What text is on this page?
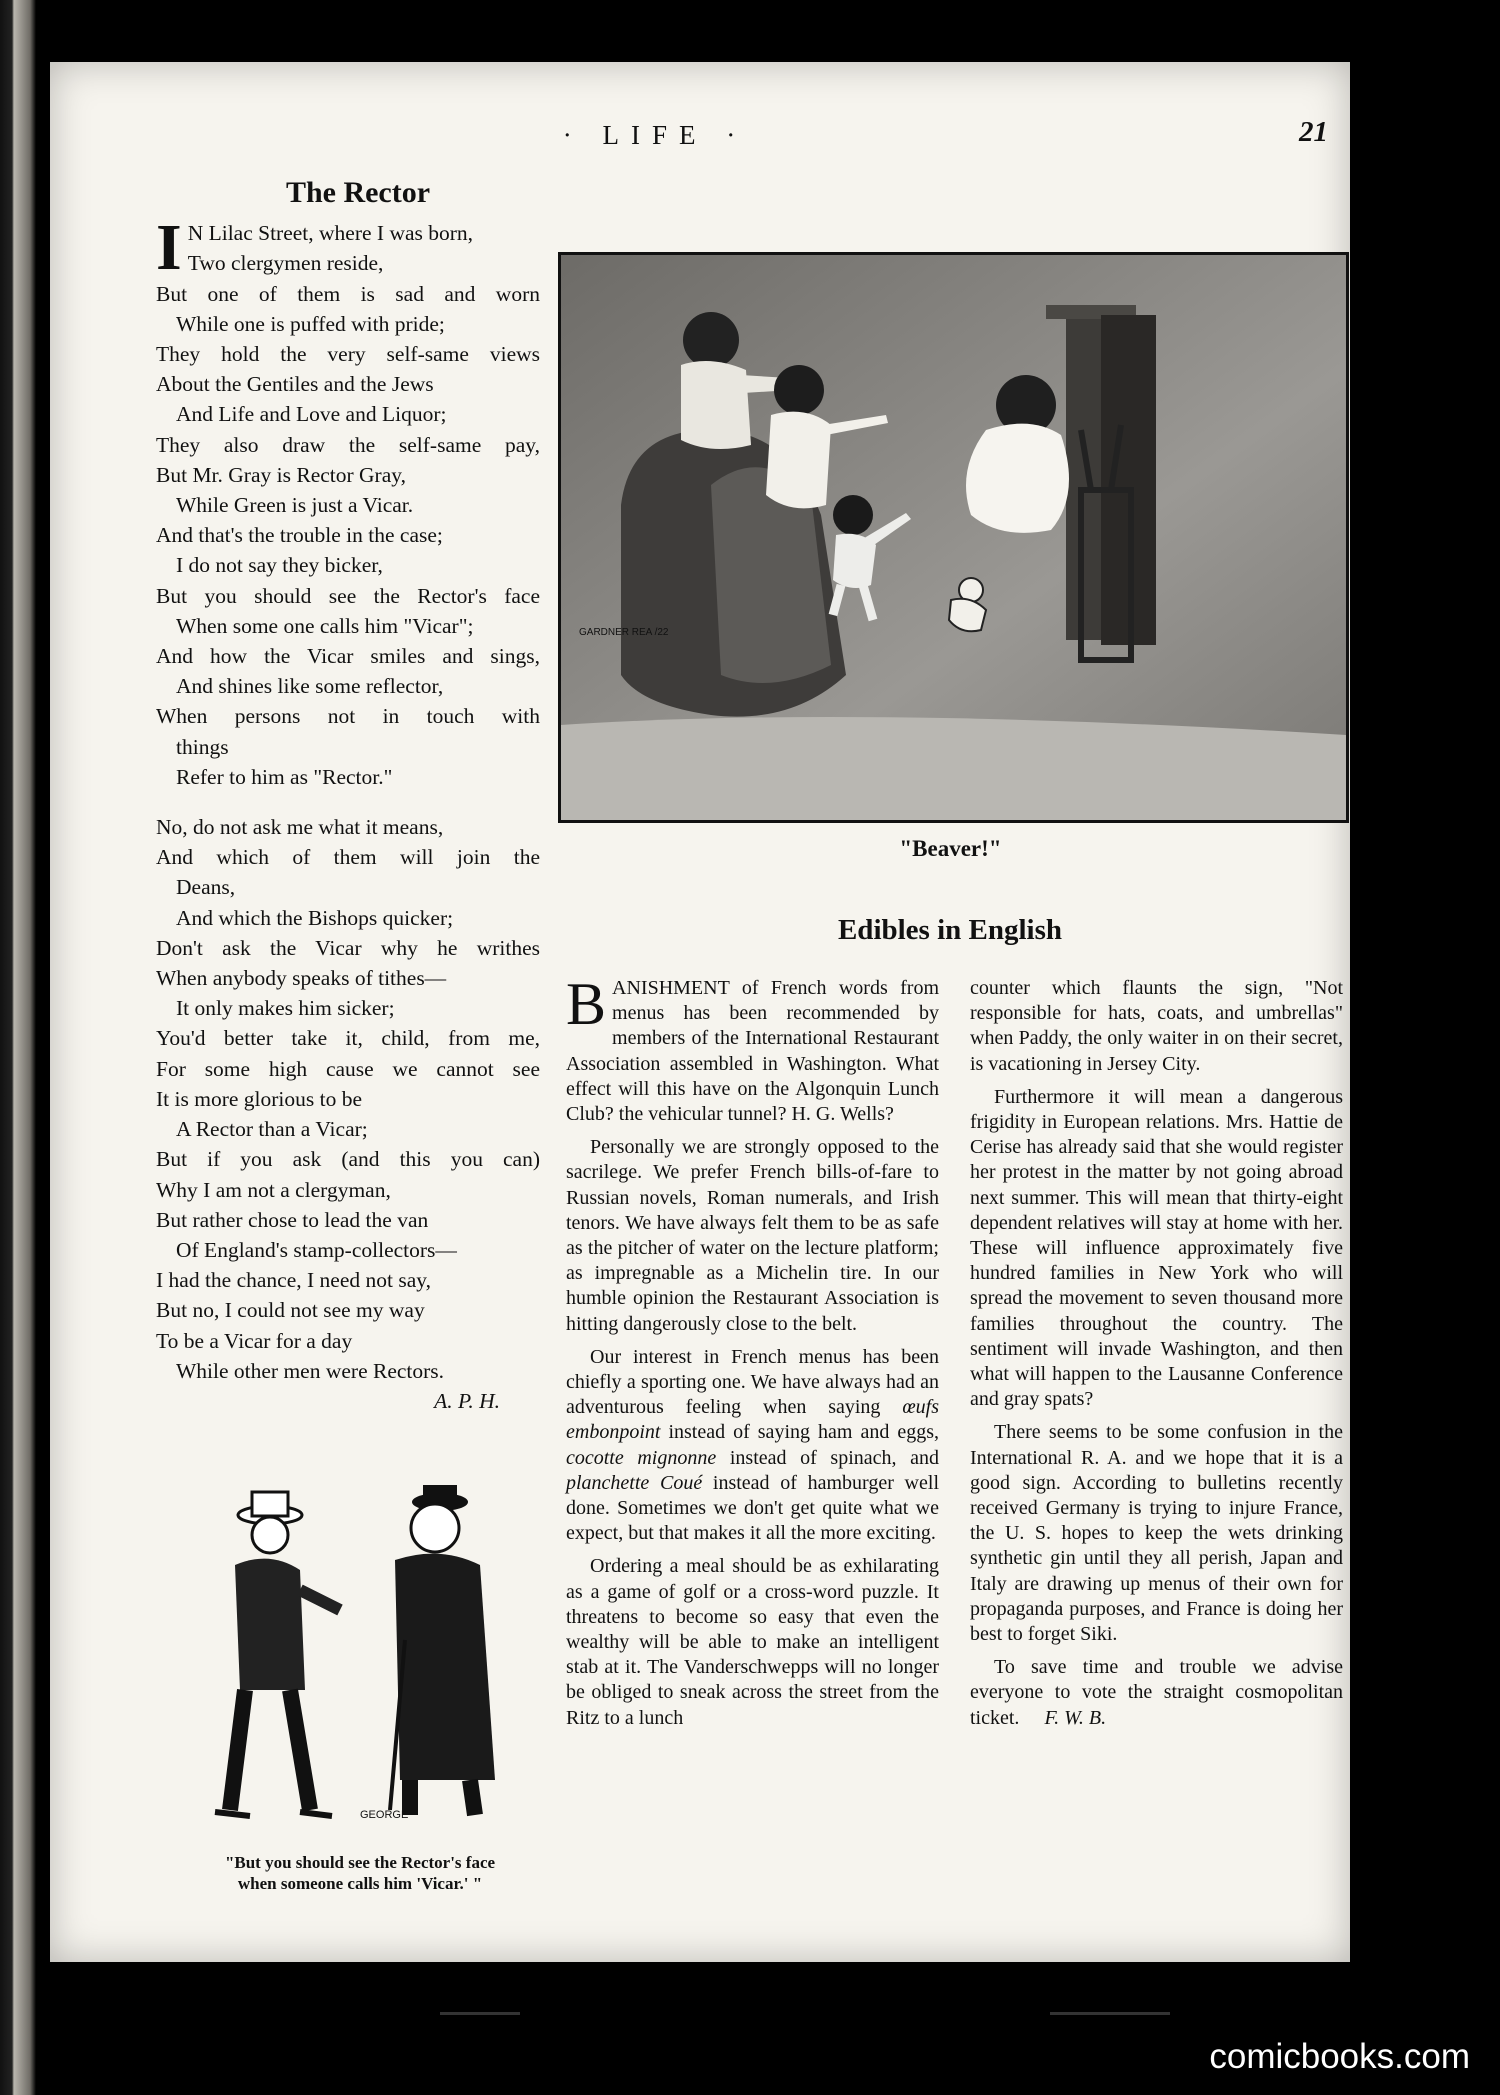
· LIFE ·	21
The Rector
I N Lilac Street, where I was born,
Two clergymen reside,
But one of them is sad and worn
While one is puffed with pride;
They hold the very self-same views
About the Gentiles and the Jews
And Life and Love and Liquor;
They also draw the self-same pay,
But Mr. Gray is Rector Gray,
While Green is just a Vicar.
And that's the trouble in the case;
I do not say they bicker,
But you should see the Rector's face
When some one calls him "Vicar";
And how the Vicar smiles and sings,
And shines like some reflector,
When persons not in touch with
things
Refer to him as "Rector."
No, do not ask me what it means,
And which of them will join the
Deans,
And which the Bishops quicker;
Don't ask the Vicar why he writhes
When anybody speaks of tithes—
It only makes him sicker;
You'd better take it, child, from me,
For some high cause we cannot see
It is more glorious to be
A Rector than a Vicar;
But if you ask (and this you can)
Why I am not a clergyman,
But rather chose to lead the van
Of England's stamp-collectors—
I had the chance, I need not say,
But no, I could not see my way
To be a Vicar for a day
While other men were Rectors.
A. P. H.
GARDNER REA /22
"Beaver!"
GEORGE
"But you should see the Rector's face
when someone calls him 'Vicar.' "
Edibles in English

BANISHMENT of French words from menus has been recommended by members of the International Restaurant Association assembled in Washington. What effect will this have on the Algonquin Lunch Club? the vehicular tunnel? H. G. Wells?

Personally we are strongly opposed to the sacrilege. We prefer French bills-of-fare to Russian novels, Roman numerals, and Irish tenors. We have always felt them to be as safe as the pitcher of water on the lecture platform; as impregnable as a Michelin tire. In our humble opinion the Restaurant Association is hitting dangerously close to the belt.

Our interest in French menus has been chiefly a sporting one. We have always had an adventurous feeling when saying œufs embonpoint instead of saying ham and eggs, cocotte mignonne instead of spinach, and planchette Coué instead of hamburger well done. Sometimes we don't get quite what we expect, but that makes it all the more exciting.

Ordering a meal should be as exhilarating as a game of golf or a cross-word puzzle. It threatens to become so easy that even the wealthy will be able to make an intelligent stab at it. The Vanderschwepps will no longer be obliged to sneak across the street from the Ritz to a lunch

counter which flaunts the sign, "Not responsible for hats, coats, and umbrellas" when Paddy, the only waiter in on their secret, is vacationing in Jersey City.

Furthermore it will mean a dangerous frigidity in European relations. Mrs. Hattie de Cerise has already said that she would register her protest in the matter by not going abroad next summer. This will mean that thirty-eight dependent relatives will stay at home with her. These will influence approximately five hundred families in New York who will spread the movement to seven thousand more families throughout the country. The sentiment will invade Washington, and then what will happen to the Lausanne Conference and gray spats?

There seems to be some confusion in the International R. A. and we hope that it is a good sign. According to bulletins recently received Germany is trying to injure France, the U. S. hopes to keep the wets drinking synthetic gin until they all perish, Japan and Italy are drawing up menus of their own for propaganda purposes, and France is doing her best to forget Siki.

To save time and trouble we advise everyone to vote the straight cosmopolitan ticket. F. W. B.

comicbooks.com
